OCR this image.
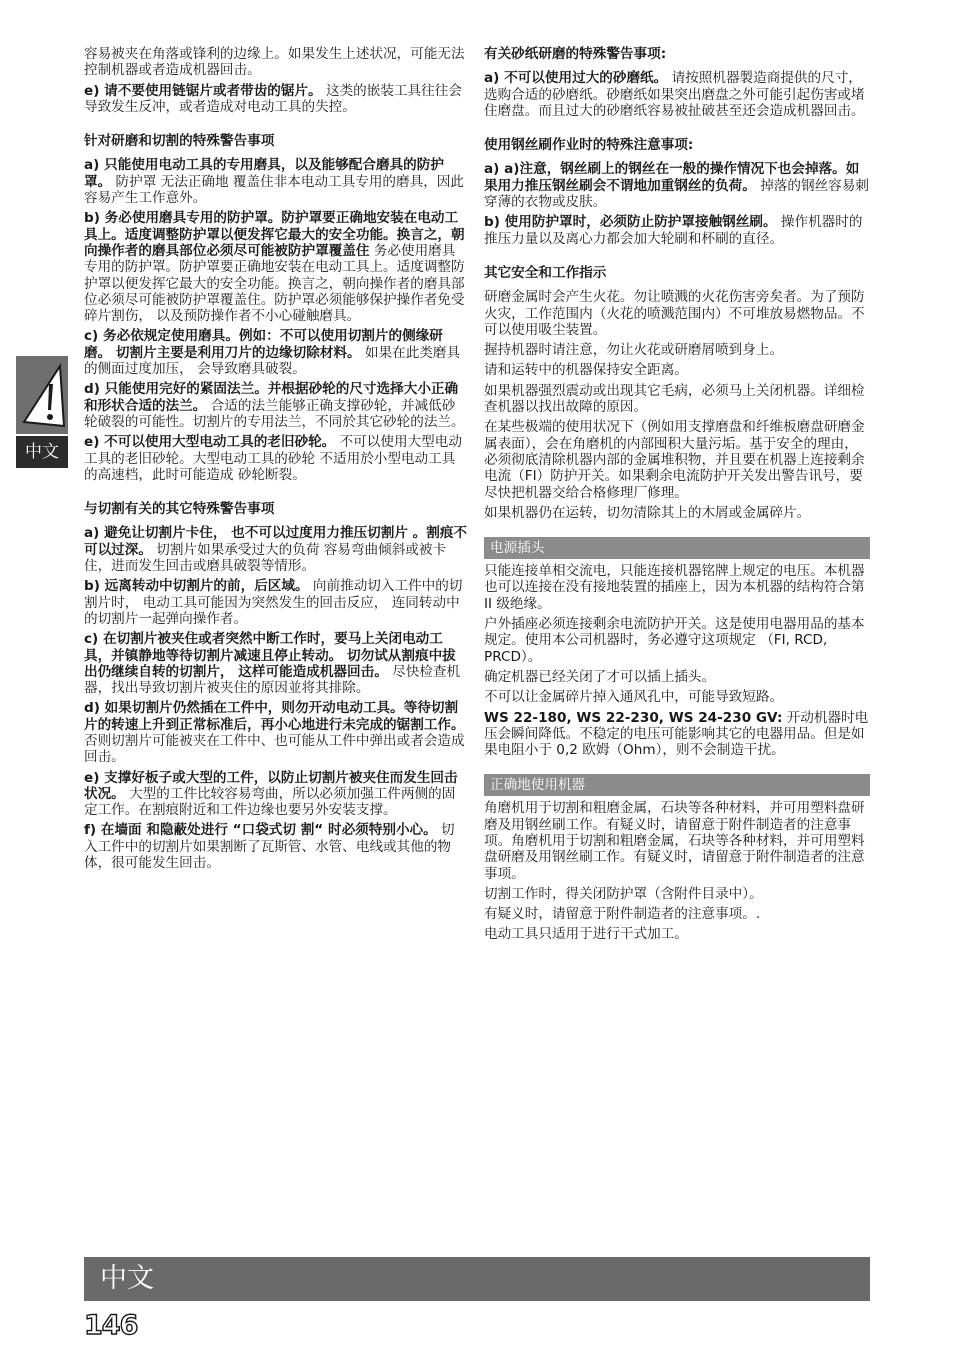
容易被夹在角落或锋利的边缘上。如果发生上述状况，可能无法控制机器或者造成机器回击。

e) 请不要使用链锯片或者带齿的锯片。 这类的嵌装工具往往会导致发生反冲，或者造成对电动工具的失控。

针对研磨和切割的特殊警告事项

a) 只能使用电动工具的专用磨具，以及能够配合磨具的防护罩。 防护罩 无法正确地 覆盖住非本电动工具专用的磨具，因此容易产生工作意外。

b) 务必使用磨具专用的防护罩。防护罩要正确地安装在电动工具上。适度调整防护罩以便发挥它最大的安全功能。换言之，朝向操作者的磨具部位必须尽可能被防护罩覆盖住 务必使用磨具专用的防护罩。防护罩要正确地安装在电动工具上。适度调整防护罩以便发挥它最大的安全功能。换言之，朝向操作者的磨具部位必须尽可能被防护罩覆盖住。防护罩必须能够保护操作者免受碎片割伤， 以及预防操作者不小心碰触磨具。

c) 务必依规定使用磨具。例如：不可以使用切割片的侧缘研磨。 切割片主要是利用刀片的边缘切除材料。 如果在此类磨具的侧面过度加压， 会导致磨具破裂。

d) 只能使用完好的紧固法兰。并根据砂轮的尺寸选择大小正确和形状合适的法兰。 合适的法兰能够正确支撑砂轮，并减低砂轮破裂的可能性。切割片的专用法兰，不同於其它砂轮的法兰。

e) 不可以使用大型电动工具的老旧砂轮。 不可以使用大型电动工具的老旧砂轮。大型电动工具的砂轮 不适用於小型电动工具的高速档，此时可能造成 砂轮断裂。

与切割有关的其它特殊警告事项

a) 避免让切割片卡住， 也不可以过度用力推压切割片 。割痕不可以过深。 切割片如果承受过大的负荷 容易弯曲倾斜或被卡住，进而发生回击或磨具破裂等情形。

b) 远离转动中切割片的前，后区域。 向前推动切入工件中的切割片时， 电动工具可能因为突然发生的回击反应， 连同转动中的切割片一起弹向操作者。

c) 在切割片被夹住或者突然中断工作时，要马上关闭电动工具，并镇静地等待切割片减速且停止转动。 切勿试从割痕中拔出仍继续自转的切割片， 这样可能造成机器回击。 尽快检查机器，找出导致切割片被夹住的原因並将其排除。

d) 如果切割片仍然插在工件中，则勿开动电动工具。等待切割片的转速上升到正常标准后，再小心地进行未完成的锯割工作。 否则切割片可能被夹在工件中、也可能从工件中弹出或者会造成回击。

e) 支撑好板子或大型的工件，以防止切割片被夹住而发生回击状况。 大型的工件比较容易弯曲，所以必须加强工件两侧的固定工作。在割痕附近和工件边缘也要另外安装支撑。

f) 在墙面 和隐蔽处进行 “口袋式切 割“ 时必须特别小心。 切入工件中的切割片如果割断了瓦斯管、水管、电线或其他的物体，很可能发生回击。

有关砂纸研磨的特殊警告事项:

a) 不可以使用过大的砂磨纸。 请按照机器製造商提供的尺寸，选购合适的砂磨纸。砂磨纸如果突出磨盘之外可能引起伤害或堵住磨盘。而且过大的砂磨纸容易被扯破甚至还会造成机器回击。

使用钢丝刷作业时的特殊注意事项:

a) a)注意，钢丝刷上的钢丝在一般的操作情况下也会掉落。如果用力推压钢丝刷会不谓地加重钢丝的负荷。 掉落的钢丝容易刺穿薄的衣物或皮肤。

b) 使用防护罩时，必须防止防护罩接触钢丝刷。 操作机器时的推压力量以及离心力都会加大轮刷和杯刷的直径。

其它安全和工作指示

研磨金属时会产生火花。勿让喷溅的火花伤害旁矣者。为了预防火灾，工作范围内（火花的喷溅范围内）不可堆放易燃物品。不可以使用吸尘装置。

握持机器时请注意，勿让火花或研磨屑喷到身上。

请和运转中的机器保持安全距离。

如果机器强烈震动或出现其它毛病，必须马上关闭机器。详细检查机器以找出故障的原因。

在某些极端的使用状况下（例如用支撑磨盘和纤维板磨盘研磨金属表面），会在角磨机的内部囤积大量污垢。基于安全的理由，必须彻底清除机器内部的金属堆积物，并且要在机器上连接剩余电流（FI）防护开关。如果剩余电流防护开关发出警告讯号，要尽快把机器交给合格修理厂修理。

如果机器仍在运转，切勿清除其上的木屑或金属碎片。

电源插头

只能连接单相交流电，只能连接机器铭牌上规定的电压。本机器也可以连接在没有接地装置的插座上，因为本机器的结构符合第II 级绝缘。

户外插座必须连接剩余电流防护开关。这是使用电器用品的基本规定。使用本公司机器时，务必遵守这项规定 （FI, RCD, PRCD）。

确定机器已经关闭了才可以插上插头。

不可以让金属碎片掉入通风孔中，可能导致短路。

WS 22-180, WS 22-230, WS 24-230 GV: 开动机器时电压会瞬间降低。不稳定的电压可能影响其它的电器用品。但是如果电阻小于 0,2 欧姆（Ohm），则不会制造干扰。

正确地使用机器

角磨机用于切割和粗磨金属，石块等各种材料，并可用塑料盘研磨及用钢丝刷工作。有疑义时，请留意于附件制造者的注意事项。角磨机用于切割和粗磨金属，石块等各种材料，并可用塑料盘研磨及用钢丝刷工作。有疑义时，请留意于附件制造者的注意事项。

切割工作时，得关闭防护罩（含附件目录中）。

有疑义时，请留意于附件制造者的注意事项。.

电动工具只适用于进行干式加工。

中文
中文
146
